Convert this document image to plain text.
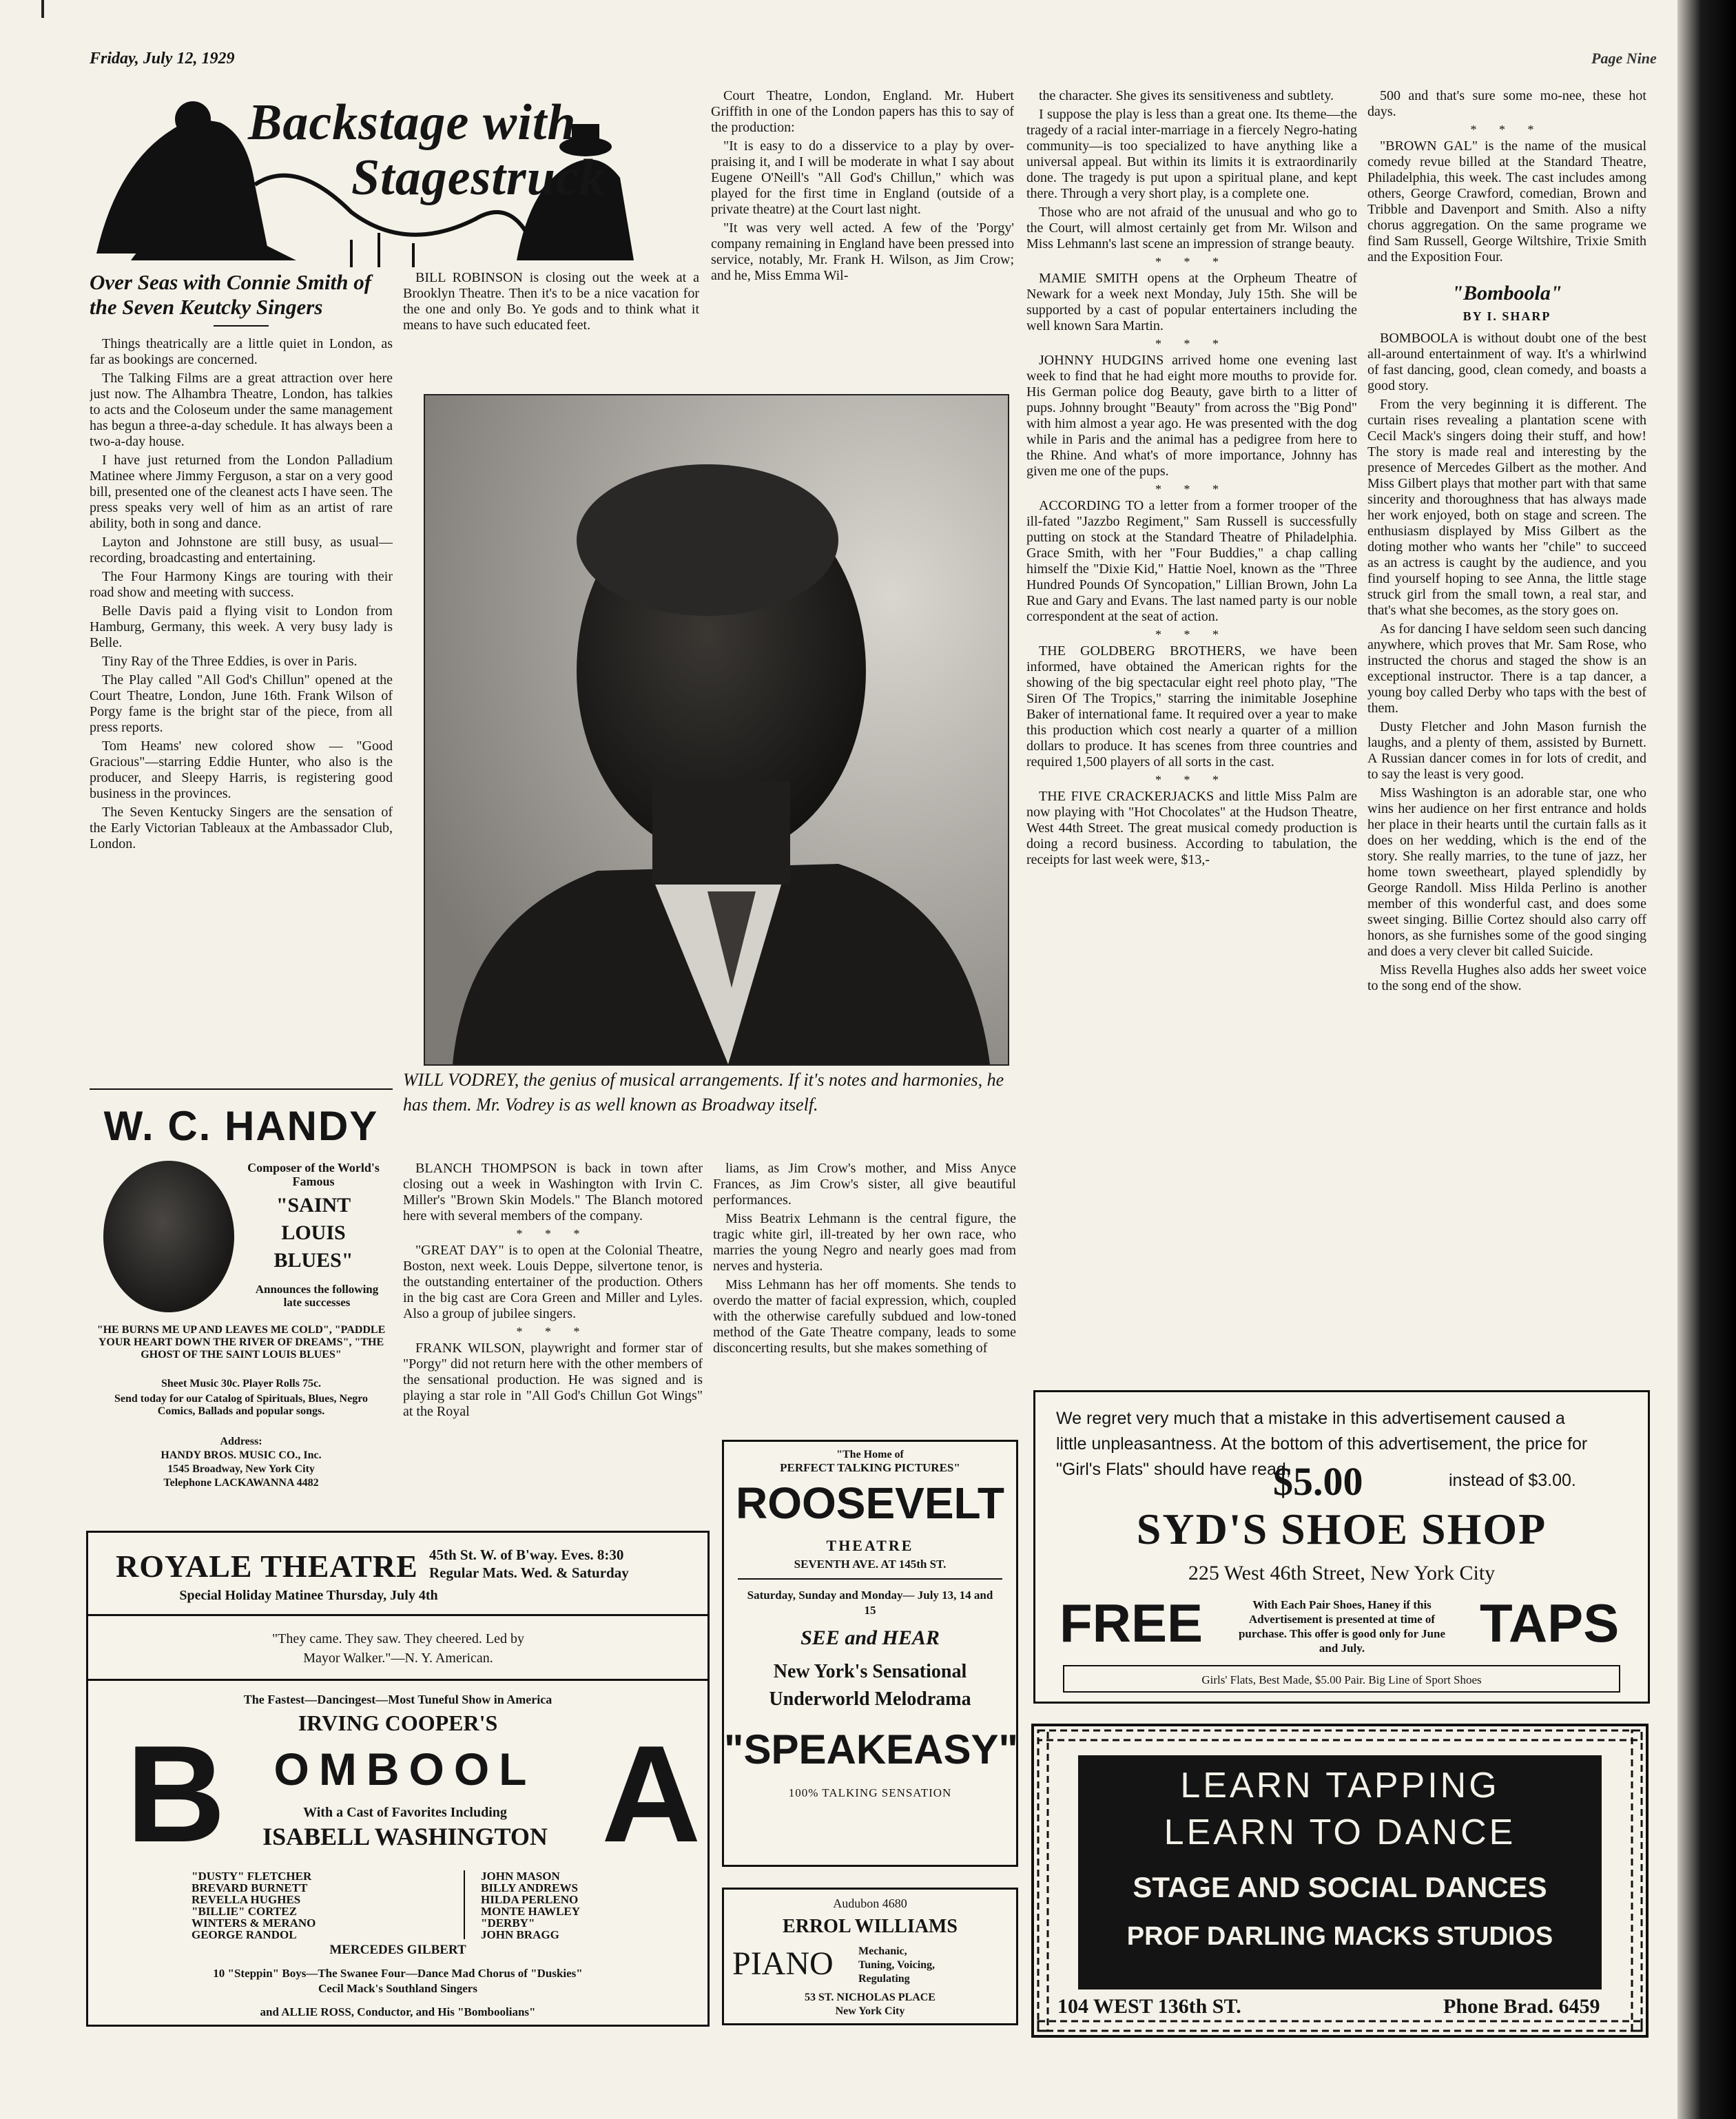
Friday, July 12, 1929	Page Nine
Backstage with
Stagestruck
Over Seas with Connie Smith of the Seven Keutcky Singers

Things theatrically are a little quiet in London, as far as bookings are concerned.

The Talking Films are a great attraction over here just now. The Alhambra Theatre, London, has talkies to acts and the Coloseum under the same management has begun a three-a-day schedule. It has always been a two-a-day house.

I have just returned from the London Palladium Matinee where Jimmy Ferguson, a star on a very good bill, presented one of the cleanest acts I have seen. The press speaks very well of him as an artist of rare ability, both in song and dance.

Layton and Johnstone are still busy, as usual—recording, broadcasting and entertaining.

The Four Harmony Kings are touring with their road show and meeting with success.

Belle Davis paid a flying visit to London from Hamburg, Germany, this week. A very busy lady is Belle.

Tiny Ray of the Three Eddies, is over in Paris.

The Play called "All God's Chillun" opened at the Court Theatre, London, June 16th. Frank Wilson of Porgy fame is the bright star of the piece, from all press reports.

Tom Heams' new colored show — "Good Gracious"—starring Eddie Hunter, who also is the producer, and Sleepy Harris, is registering good business in the provinces.

The Seven Kentucky Singers are the sensation of the Early Victorian Tableaux at the Ambassador Club, London.

BILL ROBINSON is closing out the week at a Brooklyn Theatre. Then it's to be a nice vacation for the one and only Bo. Ye gods and to think what it means to have such educated feet.

Court Theatre, London, England. Mr. Hubert Griffith in one of the London papers has this to say of the production:

"It is easy to do a disservice to a play by over-praising it, and I will be moderate in what I say about Eugene O'Neill's "All God's Chillun," which was played for the first time in England (outside of a private theatre) at the Court last night.

"It was very well acted. A few of the 'Porgy' company remaining in England have been pressed into service, notably, Mr. Frank H. Wilson, as Jim Crow; and he, Miss Emma Wil-

WILL VODREY, the genius of musical arrangements. If it's notes and harmonies, he has them. Mr. Vodrey is as well known as Broadway itself.

the character. She gives its sensitiveness and subtlety.

I suppose the play is less than a great one. Its theme—the tragedy of a racial inter-marriage in a fiercely Negro-hating community—is too specialized to have anything like a universal appeal. But within its limits it is extraordinarily done. The tragedy is put upon a spiritual plane, and kept there. Through a very short play, is a complete one.

Those who are not afraid of the unusual and who go to the Court, will almost certainly get from Mr. Wilson and Miss Lehmann's last scene an impression of strange beauty.

* * *

MAMIE SMITH opens at the Orpheum Theatre of Newark for a week next Monday, July 15th. She will be supported by a cast of popular entertainers including the well known Sara Martin.

* * *

JOHNNY HUDGINS arrived home one evening last week to find that he had eight more mouths to provide for. His German police dog Beauty, gave birth to a litter of pups. Johnny brought "Beauty" from across the "Big Pond" with him almost a year ago. He was presented with the dog while in Paris and the animal has a pedigree from here to the Rhine. And what's of more importance, Johnny has given me one of the pups.

* * *

ACCORDING TO a letter from a former trooper of the ill-fated "Jazzbo Regiment," Sam Russell is successfully putting on stock at the Standard Theatre of Philadelphia. Grace Smith, with her "Four Buddies," a chap calling himself the "Dixie Kid," Hattie Noel, known as the "Three Hundred Pounds Of Syncopation," Lillian Brown, John La Rue and Gary and Evans. The last named party is our noble correspondent at the seat of action.

* * *

THE GOLDBERG BROTHERS, we have been informed, have obtained the American rights for the showing of the big spectacular eight reel photo play, "The Siren Of The Tropics," starring the inimitable Josephine Baker of international fame. It required over a year to make this production which cost nearly a quarter of a million dollars to produce. It has scenes from three countries and required 1,500 players of all sorts in the cast.

* * *

THE FIVE CRACKERJACKS and little Miss Palm are now playing with "Hot Chocolates" at the Hudson Theatre, West 44th Street. The great musical comedy production is doing a record business. According to tabulation, the receipts for last week were, $13,-

500 and that's sure some mo-nee, these hot days.

* * *

"BROWN GAL" is the name of the musical comedy revue billed at the Standard Theatre, Philadelphia, this week. The cast includes among others, George Crawford, comedian, Brown and Tribble and Davenport and Smith. Also a nifty chorus aggregation. On the same programe we find Sam Russell, George Wiltshire, Trixie Smith and the Exposition Four.

"Bomboola"
BY I. SHARP

BOMBOOLA is without doubt one of the best all-around entertainment of way. It's a whirlwind of fast dancing, good, clean comedy, and boasts a good story.

From the very beginning it is different. The curtain rises revealing a plantation scene with Cecil Mack's singers doing their stuff, and how! The story is made real and interesting by the presence of Mercedes Gilbert as the mother. And Miss Gilbert plays that mother part with that same sincerity and thoroughness that has always made her work enjoyed, both on stage and screen. The enthusiasm displayed by Miss Gilbert as the doting mother who wants her "chile" to succeed as an actress is caught by the audience, and you find yourself hoping to see Anna, the little stage struck girl from the small town, a real star, and that's what she becomes, as the story goes on.

As for dancing I have seldom seen such dancing anywhere, which proves that Mr. Sam Rose, who instructed the chorus and staged the show is an exceptional instructor. There is a tap dancer, a young boy called Derby who taps with the best of them.

Dusty Fletcher and John Mason furnish the laughs, and a plenty of them, assisted by Burnett. A Russian dancer comes in for lots of credit, and to say the least is very good.

Miss Washington is an adorable star, one who wins her audience on her first entrance and holds her place in their hearts until the curtain falls as it does on her wedding, which is the end of the story. She really marries, to the tune of jazz, her home town sweetheart, played splendidly by George Randoll. Miss Hilda Perlino is another member of this wonderful cast, and does some sweet singing. Billie Cortez should also carry off honors, as she furnishes some of the good singing and does a very clever bit called Suicide.

Miss Revella Hughes also adds her sweet voice to the song end of the show.

BLANCH THOMPSON is back in town after closing out a week in Washington with Irvin C. Miller's "Brown Skin Models." The Blanch motored here with several members of the company.

* * *

"GREAT DAY" is to open at the Colonial Theatre, Boston, next week. Louis Deppe, silvertone tenor, is the outstanding entertainer of the production. Others in the big cast are Cora Green and Miller and Lyles. Also a group of jubilee singers.

* * *

FRANK WILSON, playwright and former star of "Porgy" did not return here with the other members of the sensational production. He was signed and is playing a star role in "All God's Chillun Got Wings" at the Royal

liams, as Jim Crow's mother, and Miss Anyce Frances, as Jim Crow's sister, all give beautiful performances.

Miss Beatrix Lehmann is the central figure, the tragic white girl, ill-treated by her own race, who marries the young Negro and nearly goes mad from nerves and hysteria.

Miss Lehmann has her off moments. She tends to overdo the matter of facial expression, which, coupled with the otherwise carefully subdued and low-toned method of the Gate Theatre company, leads to some disconcerting results, but she makes something of

W. C. HANDY
Composer of the World's Famous
"SAINT LOUIS BLUES"
Announces the following late successes
"HE BURNS ME UP AND LEAVES ME COLD", "PADDLE YOUR HEART DOWN THE RIVER OF DREAMS", "THE GHOST OF THE SAINT LOUIS BLUES"
Sheet Music 30c. Player Rolls 75c.
Send today for our Catalog of Spirituals, Blues, Negro Comics, Ballads and popular songs.
Address:
HANDY BROS. MUSIC CO., Inc.
1545 Broadway, New York City
Telephone LACKAWANNA 4482
ROYALE THEATRE 45th St. W. of B'way. Eves. 8:30
Regular Mats. Wed. & Saturday
Special Holiday Matinee Thursday, July 4th
"They came. They saw. They cheered. Led by Mayor Walker."—N. Y. American.
The Fastest—Dancingest—Most Tuneful Show in America
IRVING COOPER'S
B	OMBOOL A
With a Cast of Favorites Including
ISABELL WASHINGTON
"DUSTY" FLETCHER
BREVARD BURNETT
REVELLA HUGHES
"BILLIE" CORTEZ
WINTERS & MERANO
GEORGE RANDOL
JOHN MASON
BILLY ANDREWS
HILDA PERLENO
MONTE HAWLEY
"DERBY"
JOHN BRAGG
MERCEDES GILBERT
10 "Steppin" Boys—The Swanee Four—Dance Mad Chorus of "Duskies"
Cecil Mack's Southland Singers
and ALLIE ROSS, Conductor, and His "Bomboolians"
"The Home of
PERFECT TALKING PICTURES"
ROOSEVELT
THEATRE
SEVENTH AVE. AT 145th ST.
Saturday, Sunday and Monday— July 13, 14 and 15
SEE and HEAR
New York's Sensational
Underworld Melodrama
"SPEAKEASY"
100% TALKING SENSATION
Audubon 4680
ERROL WILLIAMS
PIANO Mechanic,
Tuning, Voicing,
Regulating
53 ST. NICHOLAS PLACE
New York City
We regret very much that a mistake in this advertisement caused a little unpleasantness. At the bottom of this advertisement, the price for "Girl's Flats" should have read,
$5.00	instead of $3.00.
SYD'S SHOE SHOP
225 West 46th Street, New York City
FREE	With Each Pair Shoes, Haney if this Advertisement is presented at time of purchase. This offer is good only for June and July.	TAPS
Girls' Flats, Best Made, $5.00 Pair. Big Line of Sport Shoes
LEARN TAPPING
LEARN TO DANCE
STAGE AND SOCIAL DANCES
PROF DARLING MACKS STUDIOS
104 WEST 136th ST.	Phone Brad. 6459
